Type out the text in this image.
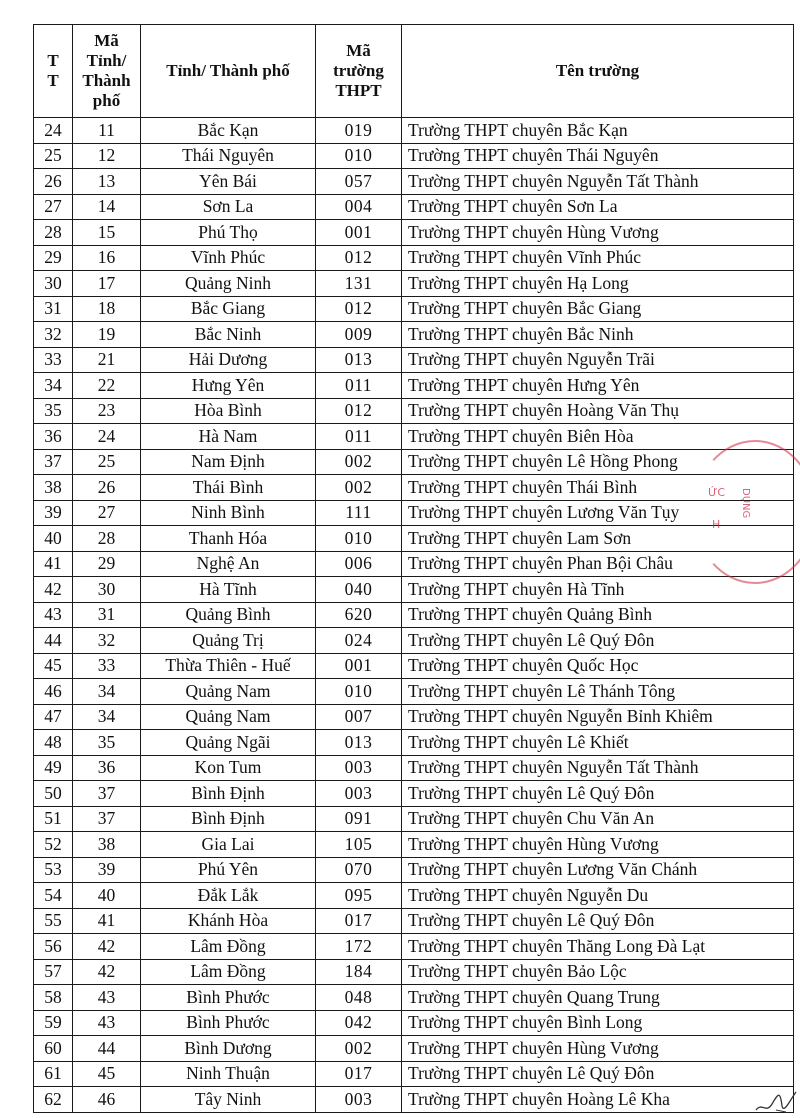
T T	Mã Tỉnh/ Thành phố	Tỉnh/ Thành phố	Mã trường THPT	Tên trường
24	11	Bắc Kạn	019	Trường THPT chuyên Bắc Kạn
25	12	Thái Nguyên	010	Trường THPT chuyên Thái Nguyên
26	13	Yên Bái	057	Trường THPT chuyên Nguyễn Tất Thành
27	14	Sơn La	004	Trường THPT chuyên Sơn La
28	15	Phú Thọ	001	Trường THPT chuyên Hùng Vương
29	16	Vĩnh Phúc	012	Trường THPT chuyên Vĩnh Phúc
30	17	Quảng Ninh	131	Trường THPT chuyên Hạ Long
31	18	Bắc Giang	012	Trường THPT chuyên Bắc Giang
32	19	Bắc Ninh	009	Trường THPT chuyên Bắc Ninh
33	21	Hải Dương	013	Trường THPT chuyên Nguyễn Trãi
34	22	Hưng Yên	011	Trường THPT chuyên Hưng Yên
35	23	Hòa Bình	012	Trường THPT chuyên Hoàng Văn Thụ
36	24	Hà Nam	011	Trường THPT chuyên Biên Hòa
37	25	Nam Định	002	Trường THPT chuyên Lê Hồng Phong
38	26	Thái Bình	002	Trường THPT chuyên Thái Bình
39	27	Ninh Bình	111	Trường THPT chuyên Lương Văn Tụy
40	28	Thanh Hóa	010	Trường THPT chuyên Lam Sơn
41	29	Nghệ An	006	Trường THPT chuyên Phan Bội Châu
42	30	Hà Tĩnh	040	Trường THPT chuyên Hà Tĩnh
43	31	Quảng Bình	620	Trường THPT chuyên Quảng Bình
44	32	Quảng Trị	024	Trường THPT chuyên Lê Quý Đôn
45	33	Thừa Thiên - Huế	001	Trường THPT chuyên Quốc Học
46	34	Quảng Nam	010	Trường THPT chuyên Lê Thánh Tông
47	34	Quảng Nam	007	Trường THPT chuyên Nguyễn Bỉnh Khiêm
48	35	Quảng Ngãi	013	Trường THPT chuyên Lê Khiết
49	36	Kon Tum	003	Trường THPT chuyên Nguyễn Tất Thành
50	37	Bình Định	003	Trường THPT chuyên Lê Quý Đôn
51	37	Bình Định	091	Trường THPT chuyên Chu Văn An
52	38	Gia Lai	105	Trường THPT chuyên Hùng Vương
53	39	Phú Yên	070	Trường THPT chuyên Lương Văn Chánh
54	40	Đắk Lắk	095	Trường THPT chuyên Nguyễn Du
55	41	Khánh Hòa	017	Trường THPT chuyên Lê Quý Đôn
56	42	Lâm Đồng	172	Trường THPT chuyên Thăng Long Đà Lạt
57	42	Lâm Đồng	184	Trường THPT chuyên Bảo Lộc
58	43	Bình Phước	048	Trường THPT chuyên Quang Trung
59	43	Bình Phước	042	Trường THPT chuyên Bình Long
60	44	Bình Dương	002	Trường THPT chuyên Hùng Vương
61	45	Ninh Thuận	017	Trường THPT chuyên Lê Quý Đôn
62	46	Tây Ninh	003	Trường THPT chuyên Hoàng Lê Kha
ỨC DỤNG
H
